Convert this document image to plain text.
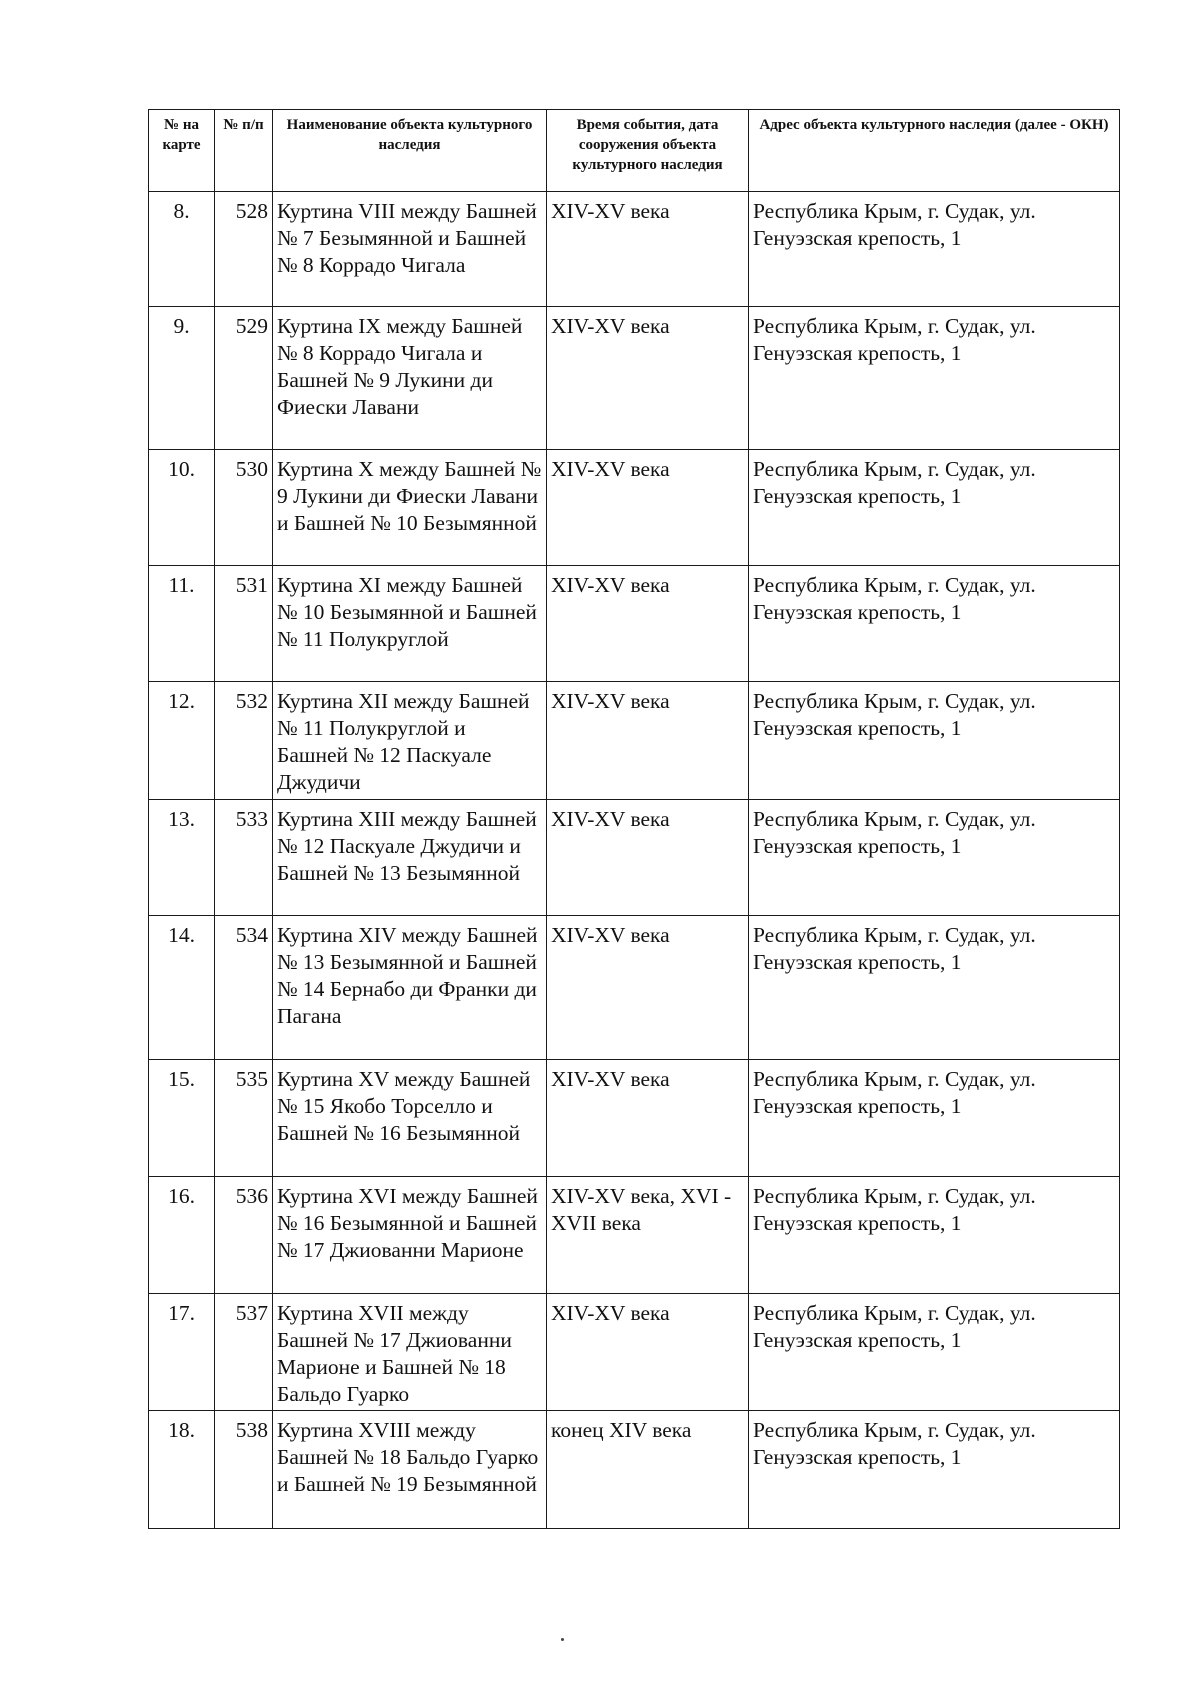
№ на карте	№ п/п	Наименование объекта культурного наследия	Время события, дата сооружения объекта культурного наследия	Адрес объекта культурного наследия (далее - ОКН)
8.	528	Куртина VIII между Башней № 7 Безымянной и Башней № 8 Коррадо Чигала	XIV-XV века	Республика Крым, г. Судак, ул. Генуэзская крепость, 1
9.	529	Куртина IX между Башней № 8 Коррадо Чигала и Башней № 9 Лукини ди Фиески Лавани	XIV-XV века	Республика Крым, г. Судак, ул. Генуэзская крепость, 1
10.	530	Куртина X между Башней № 9 Лукини ди Фиески Лавани и Башней № 10 Безымянной	XIV-XV века	Республика Крым, г. Судак, ул. Генуэзская крепость, 1
11.	531	Куртина XI между Башней № 10 Безымянной и Башней № 11 Полукруглой	XIV-XV века	Республика Крым, г. Судак, ул. Генуэзская крепость, 1
12.	532	Куртина XII между Башней № 11 Полукруглой и Башней № 12 Паскуале Джудичи	XIV-XV века	Республика Крым, г. Судак, ул. Генуэзская крепость, 1
13.	533	Куртина XIII между Башней № 12 Паскуале Джудичи и Башней № 13 Безымянной	XIV-XV века	Республика Крым, г. Судак, ул. Генуэзская крепость, 1
14.	534	Куртина XIV между Башней № 13 Безымянной и Башней № 14 Бернабо ди Франки ди Пагана	XIV-XV века	Республика Крым, г. Судак, ул. Генуэзская крепость, 1
15.	535	Куртина XV между Башней № 15 Якобо Торселло и Башней № 16 Безымянной	XIV-XV века	Республика Крым, г. Судак, ул. Генуэзская крепость, 1
16.	536	Куртина XVI между Башней № 16 Безымянной и Башней № 17 Джиованни Марионе	XIV-XV века, XVI -XVII века	Республика Крым, г. Судак, ул. Генуэзская крепость, 1
17.	537	Куртина XVII между Башней № 17 Джиованни Марионе и Башней № 18 Бальдо Гуарко	XIV-XV века	Республика Крым, г. Судак, ул. Генуэзская крепость, 1
18.	538	Куртина XVIII между Башней № 18 Бальдо Гуарко и Башней № 19 Безымянной	конец XIV века	Республика Крым, г. Судак, ул. Генуэзская крепость, 1
